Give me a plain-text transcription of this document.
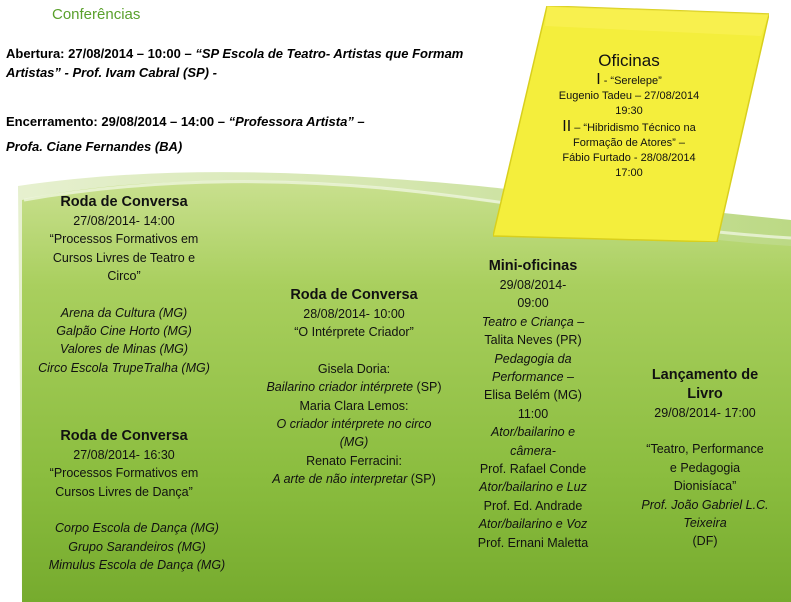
Oficinas
I - “Serelepe”
Eugenio Tadeu – 27/08/2014
19:30
II – “Hibridismo Técnico na
Formação de Atores” –
Fábio Furtado - 28/08/2014
17:00
Conferências
Abertura: 27/08/2014 – 10:00 – “SP Escola de Teatro- Artistas que Formam
Artistas” - Prof. Ivam Cabral (SP) -
Encerramento: 29/08/2014 – 14:00 – “Professora Artista” –
Profa. Ciane Fernandes (BA)
Roda de Conversa
27/08/2014- 14:00
“Processos Formativos em
Cursos Livres de Teatro e
Circo”
Arena da Cultura (MG)
Galpão Cine Horto (MG)
Valores de Minas (MG)
Circo Escola TrupeTralha (MG)
Roda de Conversa
27/08/2014- 16:30
“Processos Formativos em
Cursos Livres de Dança”
Corpo Escola de Dança (MG)
Grupo Sarandeiros (MG)
Mimulus Escola de Dança (MG)
Roda de Conversa
28/08/2014- 10:00
“O Intérprete Criador”
Gisela Doria:
Bailarino criador intérprete (SP)
Maria Clara Lemos:
O criador intérprete no circo
(MG)
Renato Ferracini:
A arte de não interpretar (SP)
Mini-oficinas
29/08/2014-
09:00
Teatro e Criança –
Talita Neves (PR)
Pedagogia da
Performance –
Elisa Belém (MG)
11:00
Ator/bailarino e
câmera-
Prof. Rafael Conde
Ator/bailarino e Luz
Prof. Ed. Andrade
Ator/bailarino e Voz
Prof. Ernani Maletta
Lançamento de
Livro
29/08/2014- 17:00
“Teatro, Performance
e Pedagogia
Dionisíaca”
Prof. João Gabriel L.C.
Teixeira
(DF)
